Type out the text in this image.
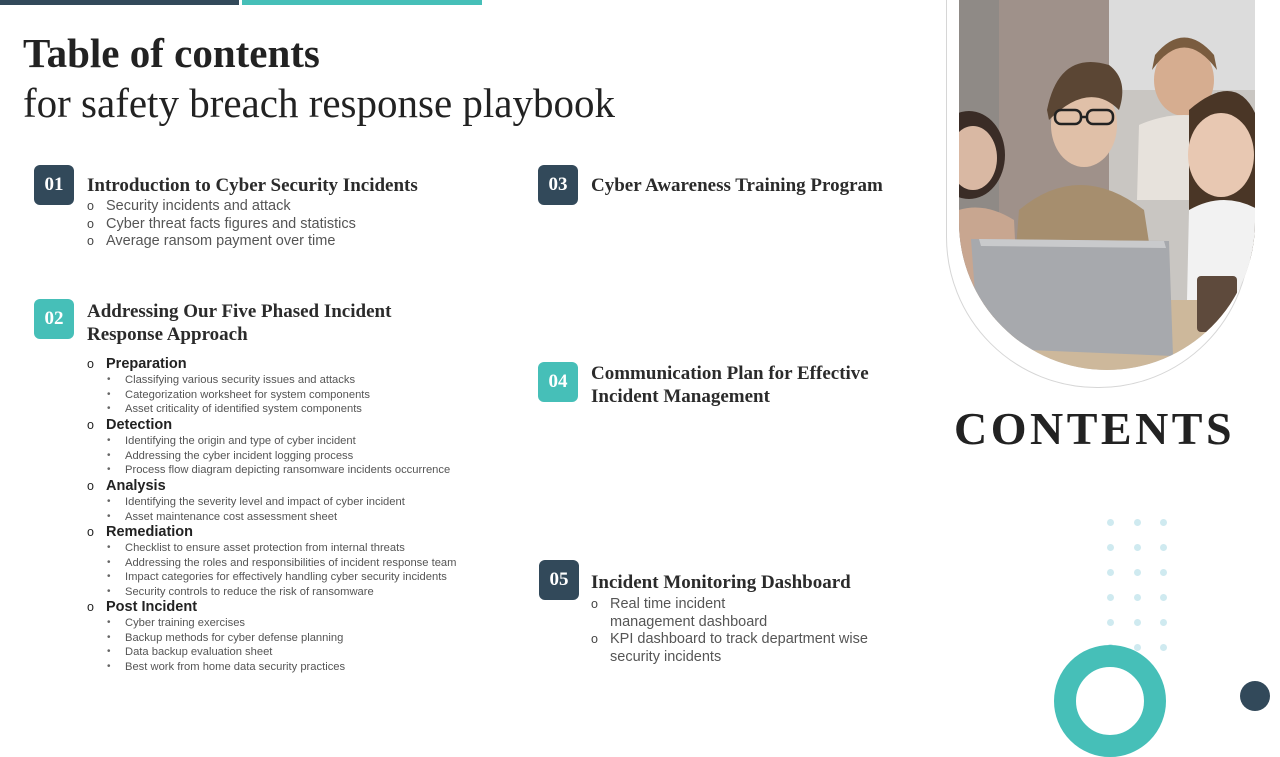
Table of contents
for safety breach response playbook
01	Introduction to Cyber Security Incidents
o Security incidents and attack
o Cyber threat facts figures and statistics
o Average ransom payment over time
02	Addressing Our Five Phased Incident
Response Approach
o Preparation
• Classifying various security issues and attacks
• Categorization worksheet for system components
• Asset criticality of identified system components
o Detection
• Identifying the origin and type of cyber incident
• Addressing the cyber incident logging process
• Process flow diagram depicting ransomware incidents occurrence
o Analysis
• Identifying the severity level and impact of cyber incident
• Asset maintenance cost assessment sheet
o Remediation
• Checklist to ensure asset protection from internal threats
• Addressing the roles and responsibilities of incident response team
• Impact categories for effectively handling cyber security incidents
• Security controls to reduce the risk of ransomware
o Post Incident
• Cyber training exercises
• Backup methods for cyber defense planning
• Data backup evaluation sheet
• Best work from home data security practices
03	Cyber Awareness Training Program
04	Communication Plan for Effective
Incident Management
05	Incident Monitoring Dashboard
o Real time incident
management dashboard
o KPI dashboard to track department wise
security incidents
CONTENTS
